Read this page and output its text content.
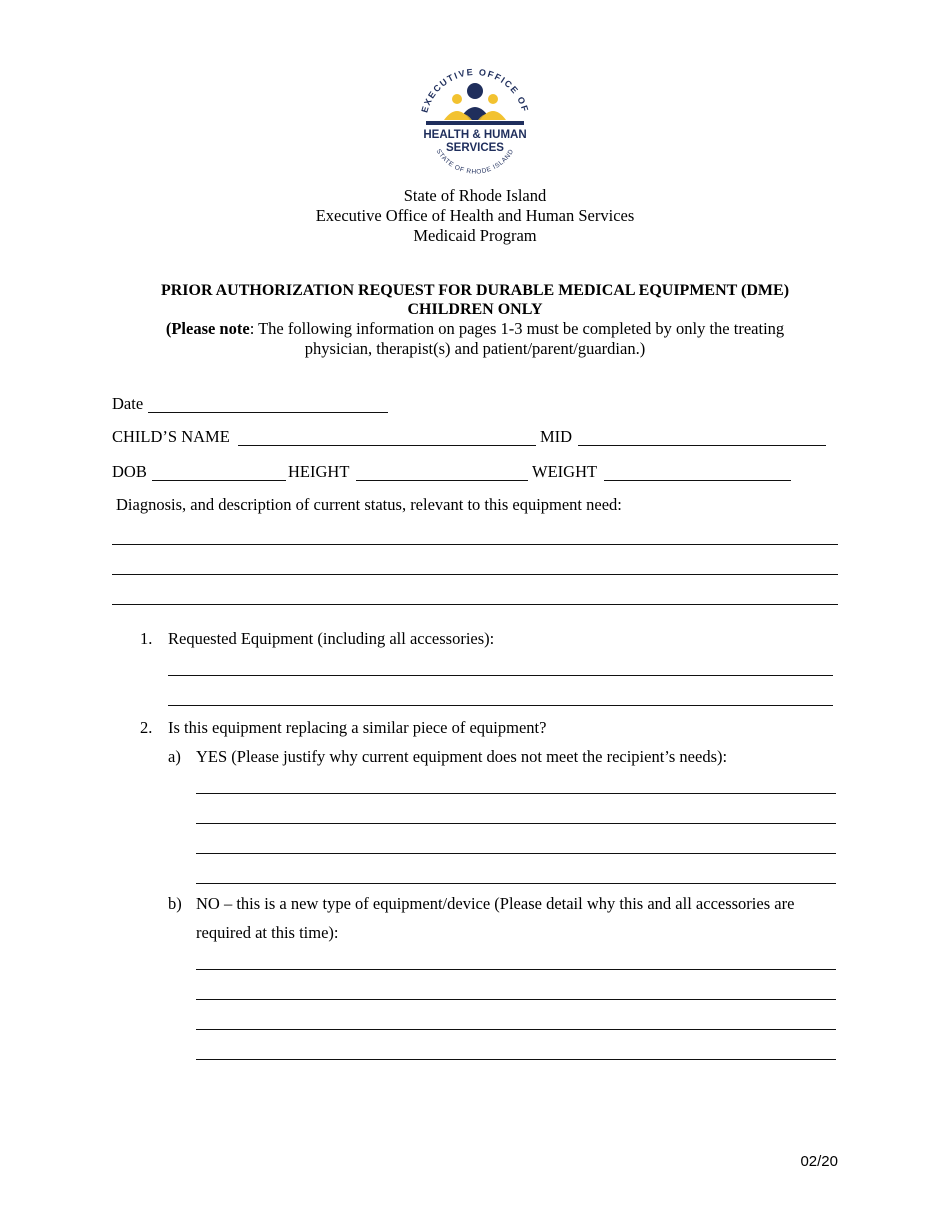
EXECUTIVE OFFICE OF
HEALTH & HUMAN
SERVICES
STATE OF RHODE ISLAND
State of Rhode Island
Executive Office of Health and Human Services
Medicaid Program
PRIOR AUTHORIZATION REQUEST FOR DURABLE MEDICAL EQUIPMENT (DME)
CHILDREN ONLY
(Please note: The following information on pages 1-3 must be completed by only the treating
physician, therapist(s) and patient/parent/guardian.)
Date
CHILD’S NAME	MID
DOB	HEIGHT	WEIGHT
Diagnosis, and description of current status, relevant to this equipment need:
1. Requested Equipment (including all accessories):
2. Is this equipment replacing a similar piece of equipment?
a) YES (Please justify why current equipment does not meet the recipient’s needs):
b) NO – this is a new type of equipment/device (Please detail why this and all accessories are
required at this time):
02/20
